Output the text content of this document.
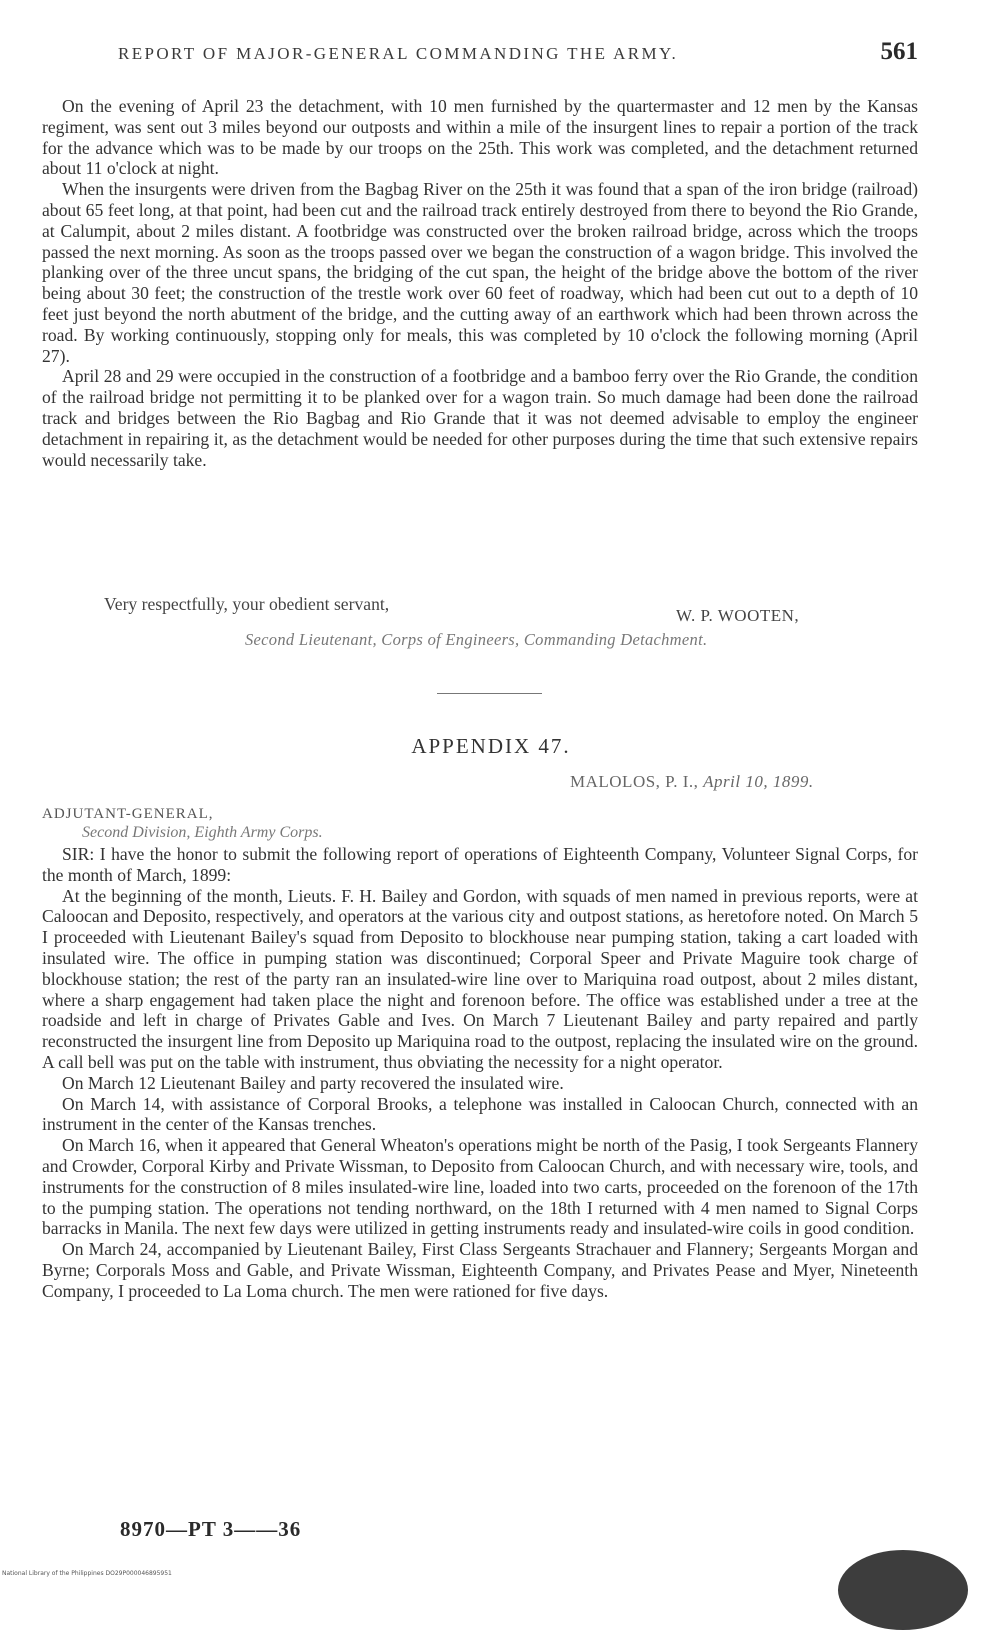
REPORT OF MAJOR-GENERAL COMMANDING THE ARMY.	561

On the evening of April 23 the detachment, with 10 men furnished by the quartermaster and 12 men by the Kansas regiment, was sent out 3 miles beyond our outposts and within a mile of the insurgent lines to repair a portion of the track for the advance which was to be made by our troops on the 25th. This work was completed, and the detachment returned about 11 o'clock at night.

When the insurgents were driven from the Bagbag River on the 25th it was found that a span of the iron bridge (railroad) about 65 feet long, at that point, had been cut and the railroad track entirely destroyed from there to beyond the Rio Grande, at Calumpit, about 2 miles distant. A footbridge was constructed over the broken railroad bridge, across which the troops passed the next morning. As soon as the troops passed over we began the construction of a wagon bridge. This involved the planking over of the three uncut spans, the bridging of the cut span, the height of the bridge above the bottom of the river being about 30 feet; the construction of the trestle work over 60 feet of roadway, which had been cut out to a depth of 10 feet just beyond the north abutment of the bridge, and the cutting away of an earthwork which had been thrown across the road. By working continuously, stopping only for meals, this was completed by 10 o'clock the following morning (April 27).

April 28 and 29 were occupied in the construction of a footbridge and a bamboo ferry over the Rio Grande, the condition of the railroad bridge not permitting it to be planked over for a wagon train. So much damage had been done the railroad track and bridges between the Rio Bagbag and Rio Grande that it was not deemed advisable to employ the engineer detachment in repairing it, as the detachment would be needed for other purposes during the time that such extensive repairs would necessarily take.

Very respectfully, your obedient servant,
W. P. WOOTEN,
Second Lieutenant, Corps of Engineers, Commanding Detachment.
APPENDIX 47.
MALOLOS, P. I., April 10, 1899.
ADJUTANT-GENERAL,
Second Division, Eighth Army Corps.

SIR: I have the honor to submit the following report of operations of Eighteenth Company, Volunteer Signal Corps, for the month of March, 1899:

At the beginning of the month, Lieuts. F. H. Bailey and Gordon, with squads of men named in previous reports, were at Caloocan and Deposito, respectively, and operators at the various city and outpost stations, as heretofore noted. On March 5 I proceeded with Lieutenant Bailey's squad from Deposito to blockhouse near pumping station, taking a cart loaded with insulated wire. The office in pumping station was discontinued; Corporal Speer and Private Maguire took charge of blockhouse station; the rest of the party ran an insulated-wire line over to Mariquina road outpost, about 2 miles distant, where a sharp engagement had taken place the night and forenoon before. The office was established under a tree at the roadside and left in charge of Privates Gable and Ives. On March 7 Lieutenant Bailey and party repaired and partly reconstructed the insurgent line from Deposito up Mariquina road to the outpost, replacing the insulated wire on the ground. A call bell was put on the table with instrument, thus obviating the necessity for a night operator.

On March 12 Lieutenant Bailey and party recovered the insulated wire.

On March 14, with assistance of Corporal Brooks, a telephone was installed in Caloocan Church, connected with an instrument in the center of the Kansas trenches.

On March 16, when it appeared that General Wheaton's operations might be north of the Pasig, I took Sergeants Flannery and Crowder, Corporal Kirby and Private Wissman, to Deposito from Caloocan Church, and with necessary wire, tools, and instruments for the construction of 8 miles insulated-wire line, loaded into two carts, proceeded on the forenoon of the 17th to the pumping station. The operations not tending northward, on the 18th I returned with 4 men named to Signal Corps barracks in Manila. The next few days were utilized in getting instruments ready and insulated-wire coils in good condition.

On March 24, accompanied by Lieutenant Bailey, First Class Sergeants Strachauer and Flannery; Sergeants Morgan and Byrne; Corporals Moss and Gable, and Private Wissman, Eighteenth Company, and Privates Pease and Myer, Nineteenth Company, I proceeded to La Loma church. The men were rationed for five days.

8970—PT 3——36
National Library of the Philippines DO29P000046895951
